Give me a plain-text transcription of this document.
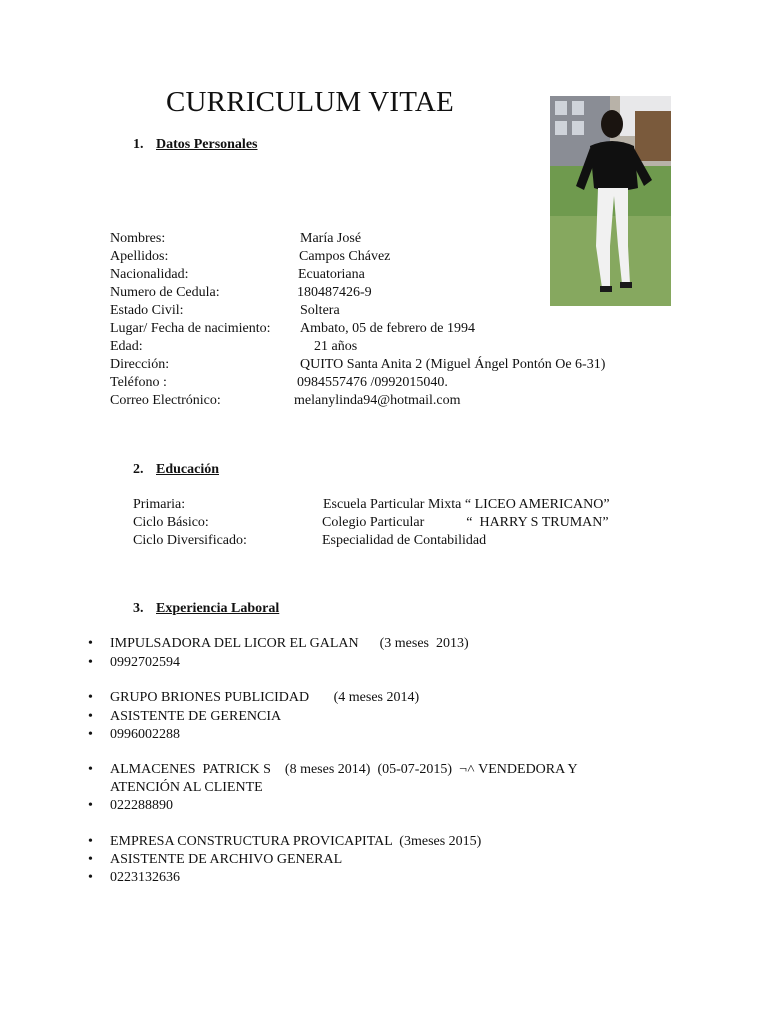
CURRICULUM VITAE
1. Datos Personales
Nombres:	María José
Apellidos:	Campos Chávez
Nacionalidad:	Ecuatoriana
Numero de Cedula:	180487426-9
Estado Civil:	Soltera
Lugar/ Fecha de nacimiento: Ambato, 05 de febrero de 1994
Edad:	21 años
Dirección:	QUITO Santa Anita 2 (Miguel Ángel Pontón Oe 6-31)
Teléfono :	0984557476 /0992015040.
Correo Electrónico:	melanylinda94@hotmail.com
2. Educación
Primaria:	Escuela Particular Mixta “ LICEO AMERICANO”
Ciclo Básico:	Colegio Particular            “  HARRY S TRUMAN”
Ciclo Diversificado:	Especialidad de Contabilidad
3. Experiencia Laboral
• IMPULSADORA DEL LICOR EL GALAN      (3 meses  2013)
• 0992702594
• GRUPO BRIONES PUBLICIDAD       (4 meses 2014)
• ASISTENTE DE GERENCIA
• 0996002288
• ALMACENES  PATRICK S    (8 meses 2014)  (05-07-2015)  ¬˄ VENDEDORA Y
ATENCIÓN AL CLIENTE
• 022288890
• EMPRESA CONSTRUCTURA PROVICAPITAL  (3meses 2015)
• ASISTENTE DE ARCHIVO GENERAL
• 0223132636
